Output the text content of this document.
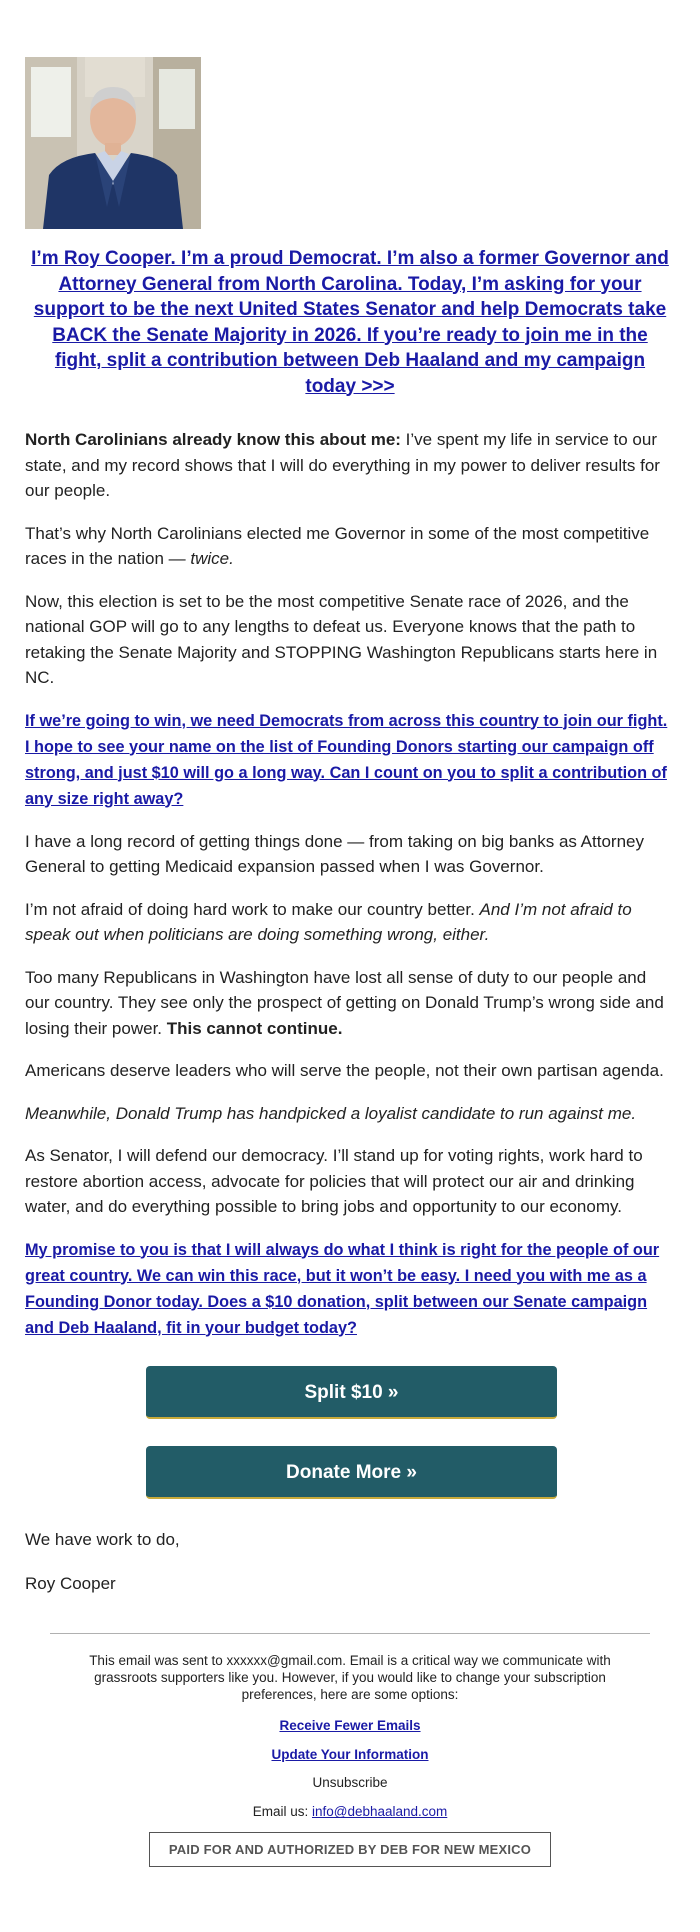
I’m Roy Cooper. I’m a proud Democrat. I’m also a former Governor and Attorney General from North Carolina. Today, I’m asking for your support to be the next United States Senator and help Democrats take BACK the Senate Majority in 2026. If you’re ready to join me in the fight, split a contribution between Deb Haaland and my campaign today >>>

North Carolinians already know this about me: I’ve spent my life in service to our state, and my record shows that I will do everything in my power to deliver results for our people.

That’s why North Carolinians elected me Governor in some of the most competitive races in the nation — twice.

Now, this election is set to be the most competitive Senate race of 2026, and the national GOP will go to any lengths to defeat us. Everyone knows that the path to retaking the Senate Majority and STOPPING Washington Republicans starts here in NC.

If we’re going to win, we need Democrats from across this country to join our fight. I hope to see your name on the list of Founding Donors starting our campaign off strong, and just $10 will go a long way. Can I count on you to split a contribution of any size right away?

I have a long record of getting things done — from taking on big banks as Attorney General to getting Medicaid expansion passed when I was Governor.

I’m not afraid of doing hard work to make our country better. And I’m not afraid to speak out when politicians are doing something wrong, either.

Too many Republicans in Washington have lost all sense of duty to our people and our country. They see only the prospect of getting on Donald Trump’s wrong side and losing their power. This cannot continue.

Americans deserve leaders who will serve the people, not their own partisan agenda.

Meanwhile, Donald Trump has handpicked a loyalist candidate to run against me.

As Senator, I will defend our democracy. I’ll stand up for voting rights, work hard to restore abortion access, advocate for policies that will protect our air and drinking water, and do everything possible to bring jobs and opportunity to our economy.

My promise to you is that I will always do what I think is right for the people of our great country. We can win this race, but it won’t be easy. I need you with me as a Founding Donor today. Does a $10 donation, split between our Senate campaign and Deb Haaland, fit in your budget today?
Split $10 »
Donate More »

We have work to do,

Roy Cooper

This email was sent to xxxxxx@gmail.com. Email is a critical way we communicate with grassroots supporters like you. However, if you would like to change your subscription preferences, here are some options:
Receive Fewer Emails
Update Your Information
Unsubscribe
Email us: info@debhaaland.com
PAID FOR AND AUTHORIZED BY DEB FOR NEW MEXICO
